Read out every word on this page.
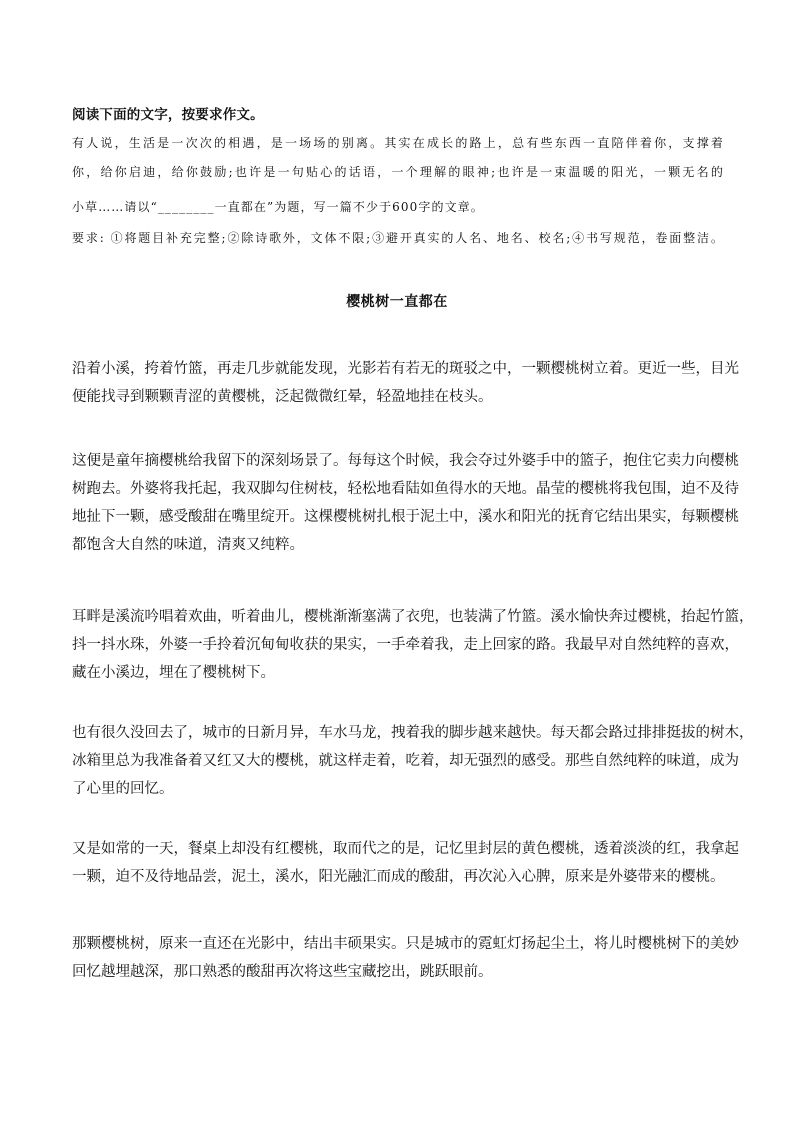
阅读下面的文字，按要求作文。
有人说，生活是一次次的相遇，是一场场的别离。其实在成长的路上，总有些东西一直陪伴着你，支撑着
你，给你启迪，给你鼓励;也许是一句贴心的话语，一个理解的眼神;也许是一束温暖的阳光，一颗无名的
小草……请以“________一直都在”为题，写一篇不少于600字的文章。
要求: ①将题目补充完整;②除诗歌外，文体不限;③避开真实的人名、地名、校名;④书写规范，卷面整洁。
樱桃树一直都在
沿着小溪，挎着竹篮，再走几步就能发现，光影若有若无的斑驳之中，一颗樱桃树立着。更近一些，目光
便能找寻到颗颗青涩的黄樱桃，泛起微微红晕，轻盈地挂在枝头。
这便是童年摘樱桃给我留下的深刻场景了。每每这个时候，我会夺过外婆手中的篮子，抱住它卖力向樱桃
树跑去。外婆将我托起，我双脚勾住树枝，轻松地看陆如鱼得水的天地。晶莹的樱桃将我包围，迫不及待
地扯下一颗，感受酸甜在嘴里绽开。这棵樱桃树扎根于泥土中，溪水和阳光的抚育它结出果实，每颗樱桃
都饱含大自然的味道，清爽又纯粹。
耳畔是溪流吟唱着欢曲，听着曲儿，樱桃渐渐塞满了衣兜，也装满了竹篮。溪水愉快奔过樱桃，抬起竹篮，
抖一抖水珠，外婆一手拎着沉甸甸收获的果实，一手牵着我，走上回家的路。我最早对自然纯粹的喜欢，
藏在小溪边，埋在了樱桃树下。
也有很久没回去了，城市的日新月异，车水马龙，拽着我的脚步越来越快。每天都会路过排排挺拔的树木，
冰箱里总为我准备着又红又大的樱桃，就这样走着，吃着，却无强烈的感受。那些自然纯粹的味道，成为
了心里的回忆。
又是如常的一天，餐桌上却没有红樱桃，取而代之的是，记忆里封层的黄色樱桃，透着淡淡的红，我拿起
一颗，迫不及待地品尝，泥土，溪水，阳光融汇而成的酸甜，再次沁入心脾，原来是外婆带来的樱桃。
那颗樱桃树，原来一直还在光影中，结出丰硕果实。只是城市的霓虹灯扬起尘土，将儿时樱桃树下的美妙
回忆越埋越深，那口熟悉的酸甜再次将这些宝藏挖出，跳跃眼前。
